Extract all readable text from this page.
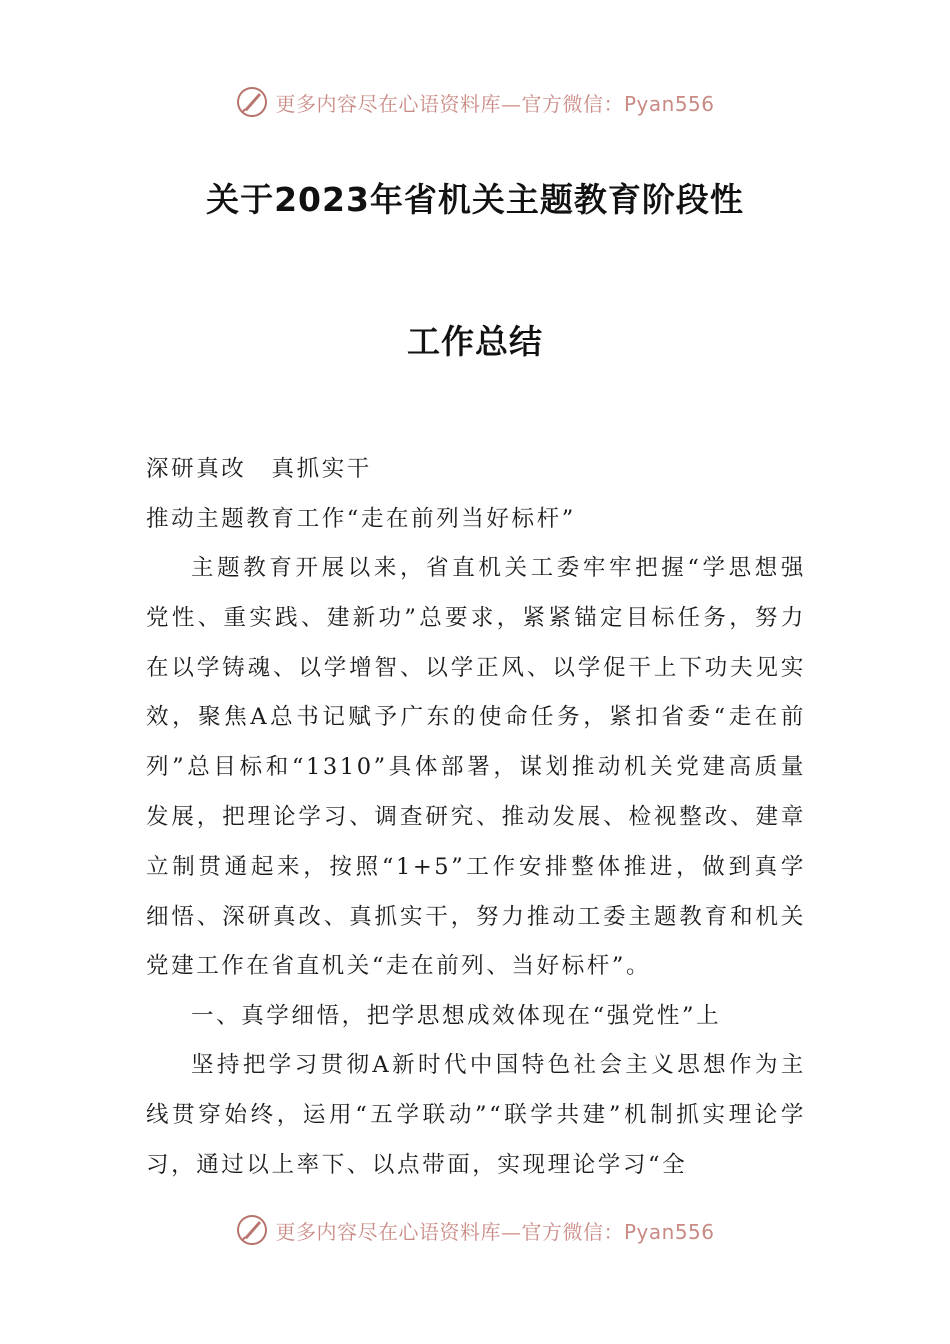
更多内容尽在心语资料库—官方微信：Pyan556
关于2023年省机关主题教育阶段性
工作总结
深研真改　真抓实干
推动主题教育工作“走在前列当好标杆”

主题教育开展以来，省直机关工委牢牢把握“学思想强党性、重实践、建新功”总要求，紧紧锚定目标任务，努力在以学铸魂、以学增智、以学正风、以学促干上下功夫见实效，聚焦A总书记赋予广东的使命任务，紧扣省委“走在前列”总目标和“1310”具体部署，谋划推动机关党建高质量发展，把理论学习、调查研究、推动发展、检视整改、建章立制贯通起来，按照“1+5”工作安排整体推进，做到真学细悟、深研真改、真抓实干，努力推动工委主题教育和机关党建工作在省直机关“走在前列、当好标杆”。

一、真学细悟，把学思想成效体现在“强党性”上

坚持把学习贯彻A新时代中国特色社会主义思想作为主线贯穿始终，运用“五学联动”“联学共建”机制抓实理论学习，通过以上率下、以点带面，实现理论学习“全

更多内容尽在心语资料库—官方微信：Pyan556
